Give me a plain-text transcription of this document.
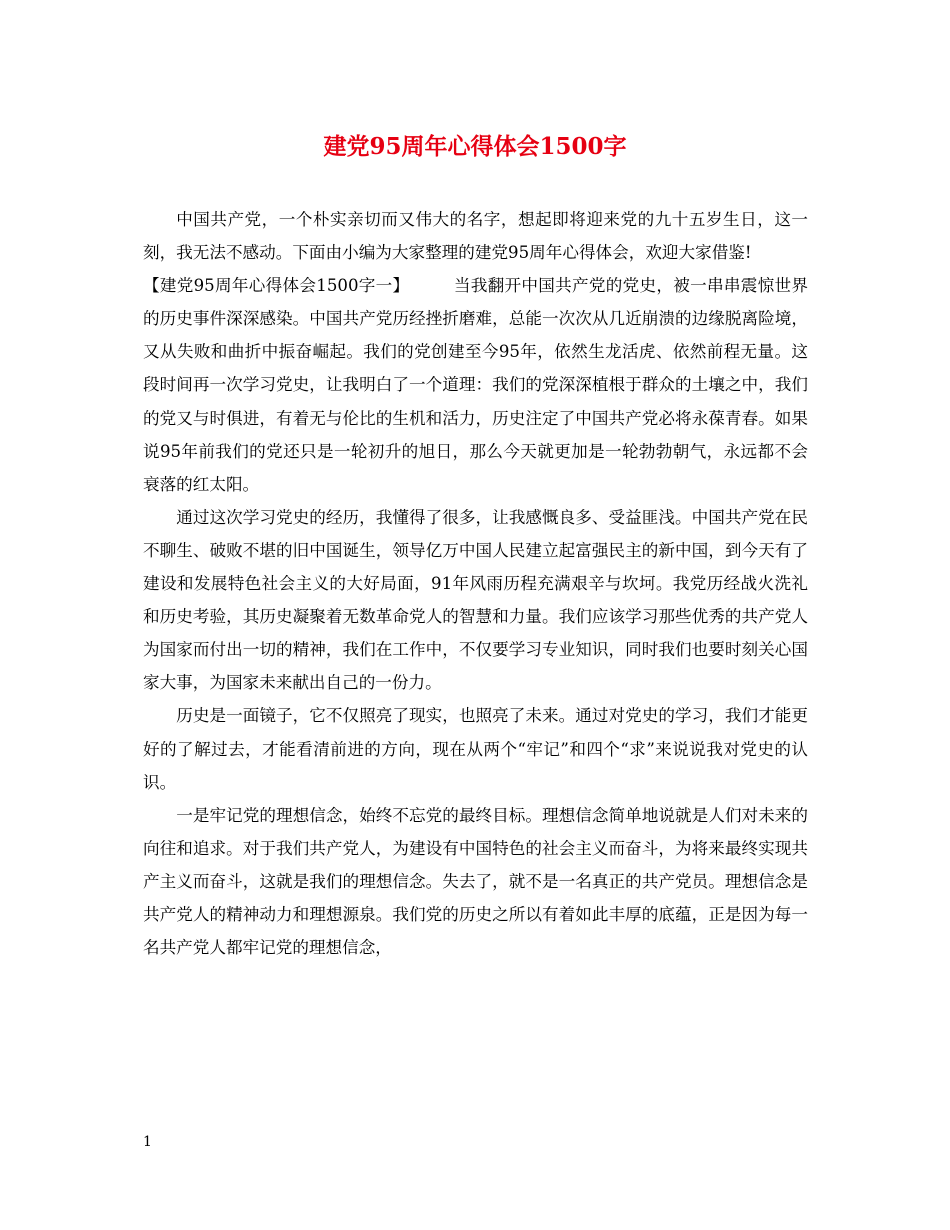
建党95周年心得体会1500字

中国共产党，一个朴实亲切而又伟大的名字，想起即将迎来党的九十五岁生日，这一刻，我无法不感动。下面由小编为大家整理的建党95周年心得体会，欢迎大家借鉴!

【建党95周年心得体会1500字一】	当我翻开中国共产党的党史，被一串串震惊世界的历史事件深深感染。中国共产党历经挫折磨难，总能一次次从几近崩溃的边缘脱离险境，又从失败和曲折中振奋崛起。我们的党创建至今95年，依然生龙活虎、依然前程无量。这段时间再一次学习党史，让我明白了一个道理：我们的党深深植根于群众的土壤之中，我们的党又与时俱进，有着无与伦比的生机和活力，历史注定了中国共产党必将永葆青春。如果说95年前我们的党还只是一轮初升的旭日，那么今天就更加是一轮勃勃朝气，永远都不会衰落的红太阳。

通过这次学习党史的经历，我懂得了很多，让我感慨良多、受益匪浅。中国共产党在民不聊生、破败不堪的旧中国诞生，领导亿万中国人民建立起富强民主的新中国，到今天有了建设和发展特色社会主义的大好局面，91年风雨历程充满艰辛与坎坷。我党历经战火洗礼和历史考验，其历史凝聚着无数革命党人的智慧和力量。我们应该学习那些优秀的共产党人为国家而付出一切的精神，我们在工作中，不仅要学习专业知识，同时我们也要时刻关心国家大事，为国家未来献出自己的一份力。

历史是一面镜子，它不仅照亮了现实，也照亮了未来。通过对党史的学习，我们才能更好的了解过去，才能看清前进的方向，现在从两个“牢记”和四个“求”来说说我对党史的认识。

一是牢记党的理想信念，始终不忘党的最终目标。理想信念简单地说就是人们对未来的向往和追求。对于我们共产党人，为建设有中国特色的社会主义而奋斗，为将来最终实现共产主义而奋斗，这就是我们的理想信念。失去了，就不是一名真正的共产党员。理想信念是共产党人的精神动力和理想源泉。我们党的历史之所以有着如此丰厚的底蕴，正是因为每一名共产党人都牢记党的理想信念，

1
